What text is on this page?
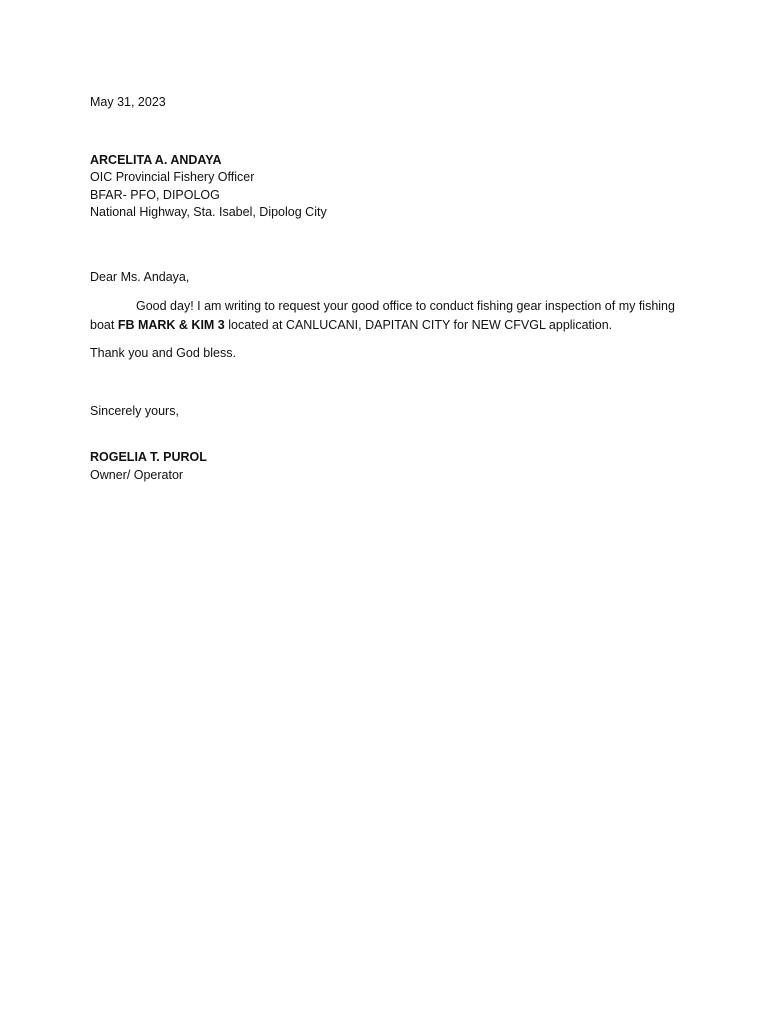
May 31, 2023
ARCELITA A. ANDAYA
OIC Provincial Fishery Officer
BFAR- PFO, DIPOLOG
National Highway, Sta. Isabel, Dipolog City
Dear Ms. Andaya,

Good day! I am writing to request your good office to conduct fishing gear inspection of my fishing boat FB MARK & KIM 3 located at CANLUCANI, DAPITAN CITY for NEW CFVGL application.

Thank you and God bless.
Sincerely yours,
ROGELIA T. PUROL
Owner/ Operator
